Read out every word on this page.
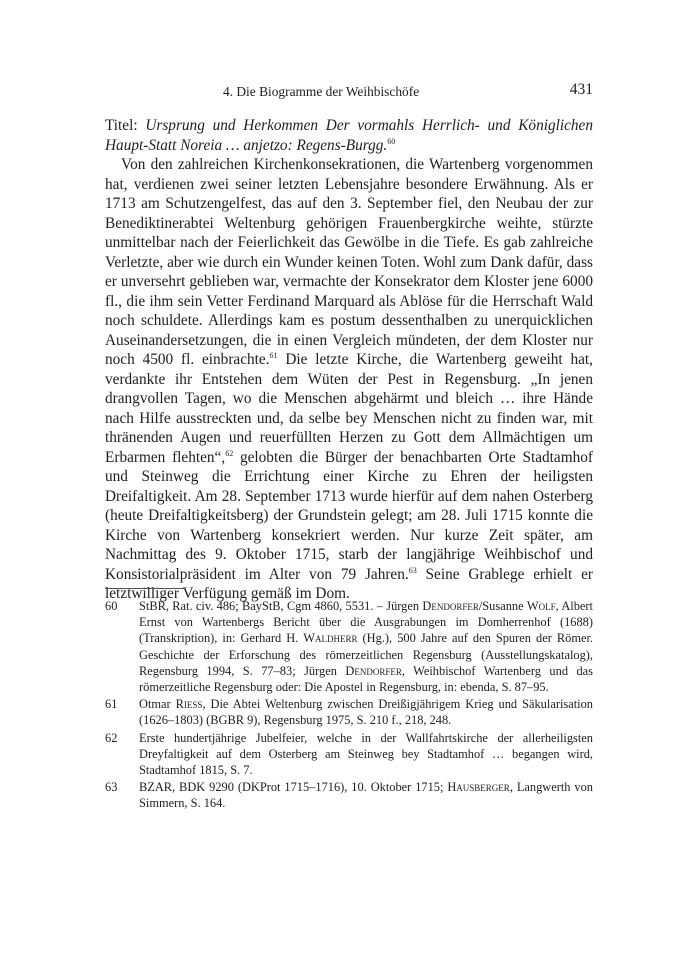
4. Die Biogramme der Weihbischöfe	431

Titel: Ursprung und Herkommen Der vormahls Herrlich- und Königlichen Haupt-Statt Noreia … anjetzo: Regens-Burgg.$^{60}$

Von den zahlreichen Kirchenkonsekrationen, die Wartenberg vorgenommen hat, verdienen zwei seiner letzten Lebensjahre besondere Erwähnung. Als er 1713 am Schutzengelfest, das auf den 3. September fiel, den Neubau der zur Benediktinerabtei Weltenburg gehörigen Frauenbergkirche weihte, stürzte unmittelbar nach der Feierlichkeit das Gewölbe in die Tiefe. Es gab zahlreiche Verletzte, aber wie durch ein Wunder keinen Toten. Wohl zum Dank dafür, dass er unversehrt geblieben war, vermachte der Konsekrator dem Kloster jene 6000 fl., die ihm sein Vetter Ferdinand Marquard als Ablöse für die Herrschaft Wald noch schuldete. Allerdings kam es postum dessenthalben zu unerquicklichen Auseinandersetzungen, die in einen Vergleich mündeten, der dem Kloster nur noch 4500 fl. einbrachte.$^{61}$ Die letzte Kirche, die Wartenberg geweiht hat, verdankte ihr Entstehen dem Wüten der Pest in Regensburg. „In jenen drangvollen Tagen, wo die Menschen abgehärmt und bleich … ihre Hände nach Hilfe ausstreckten und, da selbe bey Menschen nicht zu finden war, mit thränenden Augen und reuerfüllten Herzen zu Gott dem Allmächtigen um Erbarmen flehten“,$^{62}$ gelobten die Bürger der benachbarten Orte Stadtamhof und Steinweg die Errichtung einer Kirche zu Ehren der heiligsten Dreifaltigkeit. Am 28. September 1713 wurde hierfür auf dem nahen Osterberg (heute Dreifaltigkeitsberg) der Grundstein gelegt; am 28. Juli 1715 konnte die Kirche von Wartenberg konsekriert werden. Nur kurze Zeit später, am Nachmittag des 9. Oktober 1715, starb der langjährige Weihbischof und Konsistorialpräsident im Alter von 79 Jahren.$^{63}$ Seine Grablege erhielt er letztwilliger Verfügung gemäß im Dom.

60 StBR, Rat. civ. 486; BayStB, Cgm 4860, 5531. – Jürgen Dendorfer/Susanne Wolf, Albert Ernst von Wartenbergs Bericht über die Ausgrabungen im Domherrenhof (1688) (Transkription), in: Gerhard H. Waldherr (Hg.), 500 Jahre auf den Spuren der Römer. Geschichte der Erforschung des römerzeitlichen Regensburg (Ausstellungskatalog), Regensburg 1994, S. 77–83; Jürgen Dendorfer, Weihbischof Wartenberg und das römerzeitliche Regensburg oder: Die Apostel in Regensburg, in: ebenda, S. 87–95.
61 Otmar Riess, Die Abtei Weltenburg zwischen Dreißigjährigem Krieg und Säkularisation (1626–1803) (BGBR 9), Regensburg 1975, S. 210 f., 218, 248.
62 Erste hundertjährige Jubelfeier, welche in der Wallfahrtskirche der allerheiligsten Dreyfaltigkeit auf dem Osterberg am Steinweg bey Stadtamhof … begangen wird, Stadtamhof 1815, S. 7.
63 BZAR, BDK 9290 (DKProt 1715–1716), 10. Oktober 1715; Hausberger, Langwerth von Simmern, S. 164.
